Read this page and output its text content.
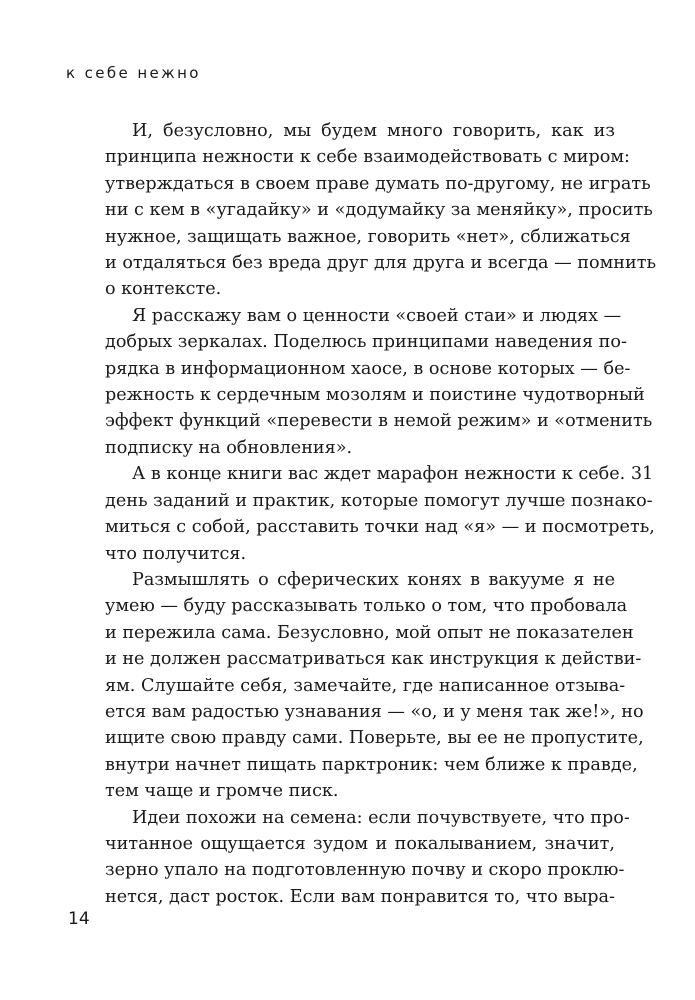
к себе нежно
И, безусловно, мы будем много говорить, как из
принципа нежности к себе взаимодействовать с миром:
утверждаться в своем праве думать по-другому, не играть
ни с кем в «угадайку» и «додумайку за меняйку», просить
нужное, защищать важное, говорить «нет», сближаться
и отдаляться без вреда друг для друга и всегда — помнить
о контексте.
Я расскажу вам о ценности «своей стаи» и людях —
добрых зеркалах. Поделюсь принципами наведения по-
рядка в информационном хаосе, в основе которых — бе-
режность к сердечным мозолям и поистине чудотворный
эффект функций «перевести в немой режим» и «отменить
подписку на обновления».
А в конце книги вас ждет марафон нежности к себе. 31
день заданий и практик, которые помогут лучше познако-
миться с собой, расставить точки над «я» — и посмотреть,
что получится.
Размышлять о сферических конях в вакууме я не
умею — буду рассказывать только о том, что пробовала
и пережила сама. Безусловно, мой опыт не показателен
и не должен рассматриваться как инструкция к действи-
ям. Слушайте себя, замечайте, где написанное отзыва-
ется вам радостью узнавания — «о, и у меня так же!», но
ищите свою правду сами. Поверьте, вы ее не пропустите,
внутри начнет пищать парктроник: чем ближе к правде,
тем чаще и громче писк.
Идеи похожи на семена: если почувствуете, что про-
читанное ощущается зудом и покалыванием, значит,
зерно упало на подготовленную почву и скоро проклю-
нется, даст росток. Если вам понравится то, что выра-
14
